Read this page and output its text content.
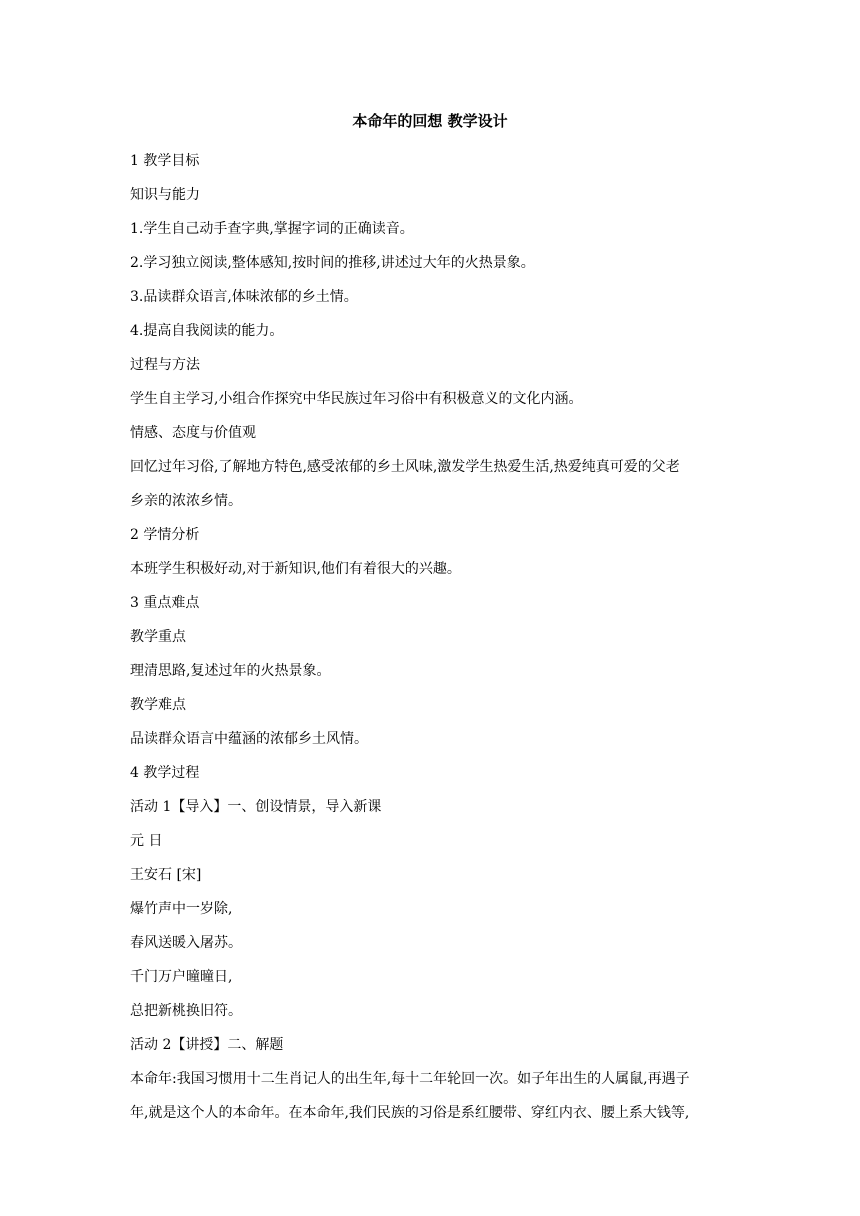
本命年的回想 教学设计

1 教学目标

知识与能力

1.学生自己动手查字典,掌握字词的正确读音。

2.学习独立阅读,整体感知,按时间的推移,讲述过大年的火热景象。

3.品读群众语言,体味浓郁的乡土情。

4.提高自我阅读的能力。

过程与方法

学生自主学习,小组合作探究中华民族过年习俗中有积极意义的文化内涵。

情感、态度与价值观

回忆过年习俗,了解地方特色,感受浓郁的乡土风味,激发学生热爱生活,热爱纯真可爱的父老

乡亲的浓浓乡情。

2 学情分析

本班学生积极好动,对于新知识,他们有着很大的兴趣。

3 重点难点

教学重点

理清思路,复述过年的火热景象。

教学难点

品读群众语言中蕴涵的浓郁乡土风情。

4 教学过程

活动 1【导入】一、创设情景，导入新课

元 日

王安石 [宋]

爆竹声中一岁除,

春风送暖入屠苏。

千门万户曈曈日,

总把新桃换旧符。

活动 2【讲授】二、解题

本命年:我国习惯用十二生肖记人的出生年,每十二年轮回一次。如子年出生的人属鼠,再遇子

年,就是这个人的本命年。在本命年,我们民族的习俗是系红腰带、穿红内衣、腰上系大钱等,
